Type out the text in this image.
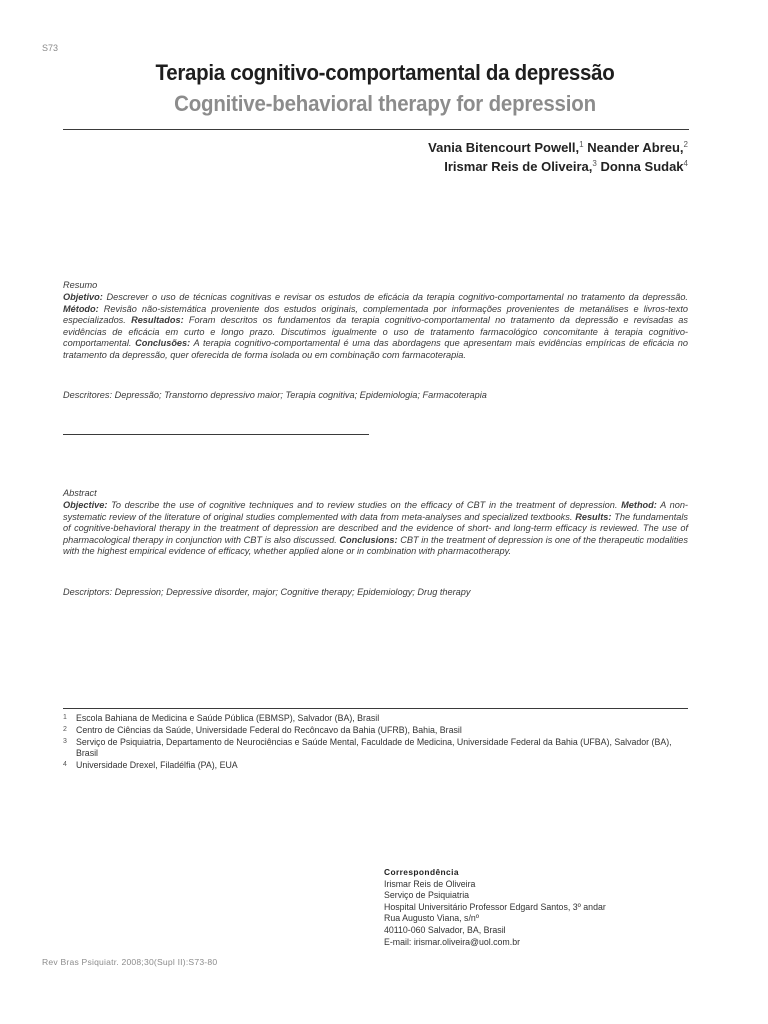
S73
Terapia cognitivo-comportamental da depressão
Cognitive-behavioral therapy for depression
Vania Bitencourt Powell,$^1$ Neander Abreu,$^2$
Irismar Reis de Oliveira,$^3$ Donna Sudak$^4$
Resumo
Objetivo: Descrever o uso de técnicas cognitivas e revisar os estudos de eficácia da terapia cognitivo-comportamental no tratamento da depressão. Método: Revisão não-sistemática proveniente dos estudos originais, complementada por informações provenientes de metanálises e livros-texto especializados. Resultados: Foram descritos os fundamentos da terapia cognitivo-comportamental no tratamento da depressão e revisadas as evidências de eficácia em curto e longo prazo. Discutimos igualmente o uso de tratamento farmacológico concomitante à terapia cognitivo-comportamental. Conclusões: A terapia cognitivo-comportamental é uma das abordagens que apresentam mais evidências empíricas de eficácia no tratamento da depressão, quer oferecida de forma isolada ou em combinação com farmacoterapia.
Descritores: Depressão; Transtorno depressivo maior; Terapia cognitiva; Epidemiologia; Farmacoterapia
Abstract
Objective: To describe the use of cognitive techniques and to review studies on the efficacy of CBT in the treatment of depression. Method: A non-systematic review of the literature of original studies complemented with data from meta-analyses and specialized textbooks. Results: The fundamentals of cognitive-behavioral therapy in the treatment of depression are described and the evidence of short- and long-term efficacy is reviewed. The use of pharmacological therapy in conjunction with CBT is also discussed. Conclusions: CBT in the treatment of depression is one of the therapeutic modalities with the highest empirical evidence of efficacy, whether applied alone or in combination with pharmacotherapy.
Descriptors: Depression; Depressive disorder, major; Cognitive therapy; Epidemiology; Drug therapy
1 Escola Bahiana de Medicina e Saúde Pública (EBMSP), Salvador (BA), Brasil
2 Centro de Ciências da Saúde, Universidade Federal do Recôncavo da Bahia (UFRB), Bahia, Brasil
3 Serviço de Psiquiatria, Departamento de Neurociências e Saúde Mental, Faculdade de Medicina, Universidade Federal da Bahia (UFBA), Salvador (BA), Brasil
4 Universidade Drexel, Filadélfia (PA), EUA
Correspondência
Irismar Reis de Oliveira
Serviço de Psiquiatria
Hospital Universitário Professor Edgard Santos, 3º andar
Rua Augusto Viana, s/nº
40110-060 Salvador, BA, Brasil
E-mail: irismar.oliveira@uol.com.br
Rev Bras Psiquiatr. 2008;30(Supl II):S73-80
